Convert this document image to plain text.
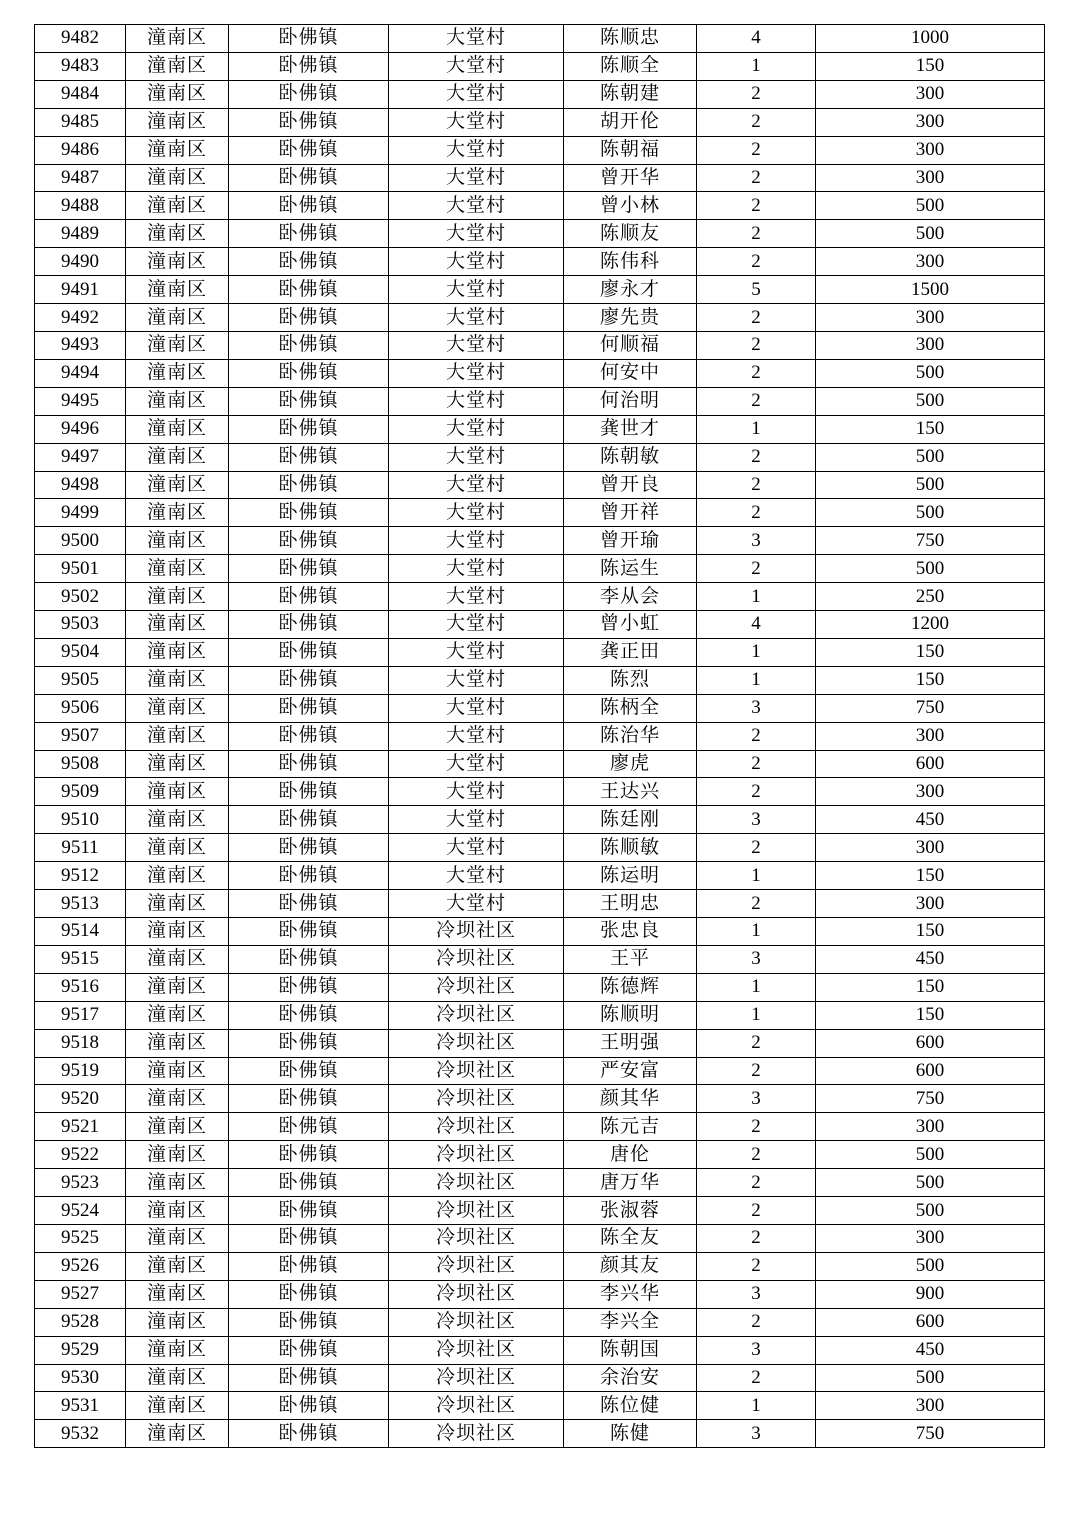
9482	潼南区	卧佛镇	大堂村	陈顺忠	4	1000
9483	潼南区	卧佛镇	大堂村	陈顺全	1	150
9484	潼南区	卧佛镇	大堂村	陈朝建	2	300
9485	潼南区	卧佛镇	大堂村	胡开伦	2	300
9486	潼南区	卧佛镇	大堂村	陈朝福	2	300
9487	潼南区	卧佛镇	大堂村	曾开华	2	300
9488	潼南区	卧佛镇	大堂村	曾小林	2	500
9489	潼南区	卧佛镇	大堂村	陈顺友	2	500
9490	潼南区	卧佛镇	大堂村	陈伟科	2	300
9491	潼南区	卧佛镇	大堂村	廖永才	5	1500
9492	潼南区	卧佛镇	大堂村	廖先贵	2	300
9493	潼南区	卧佛镇	大堂村	何顺福	2	300
9494	潼南区	卧佛镇	大堂村	何安中	2	500
9495	潼南区	卧佛镇	大堂村	何治明	2	500
9496	潼南区	卧佛镇	大堂村	龚世才	1	150
9497	潼南区	卧佛镇	大堂村	陈朝敏	2	500
9498	潼南区	卧佛镇	大堂村	曾开良	2	500
9499	潼南区	卧佛镇	大堂村	曾开祥	2	500
9500	潼南区	卧佛镇	大堂村	曾开瑜	3	750
9501	潼南区	卧佛镇	大堂村	陈运生	2	500
9502	潼南区	卧佛镇	大堂村	李从会	1	250
9503	潼南区	卧佛镇	大堂村	曾小虹	4	1200
9504	潼南区	卧佛镇	大堂村	龚正田	1	150
9505	潼南区	卧佛镇	大堂村	陈烈	1	150
9506	潼南区	卧佛镇	大堂村	陈柄全	3	750
9507	潼南区	卧佛镇	大堂村	陈治华	2	300
9508	潼南区	卧佛镇	大堂村	廖虎	2	600
9509	潼南区	卧佛镇	大堂村	王达兴	2	300
9510	潼南区	卧佛镇	大堂村	陈廷刚	3	450
9511	潼南区	卧佛镇	大堂村	陈顺敏	2	300
9512	潼南区	卧佛镇	大堂村	陈运明	1	150
9513	潼南区	卧佛镇	大堂村	王明忠	2	300
9514	潼南区	卧佛镇	冷坝社区	张忠良	1	150
9515	潼南区	卧佛镇	冷坝社区	王平	3	450
9516	潼南区	卧佛镇	冷坝社区	陈德辉	1	150
9517	潼南区	卧佛镇	冷坝社区	陈顺明	1	150
9518	潼南区	卧佛镇	冷坝社区	王明强	2	600
9519	潼南区	卧佛镇	冷坝社区	严安富	2	600
9520	潼南区	卧佛镇	冷坝社区	颜其华	3	750
9521	潼南区	卧佛镇	冷坝社区	陈元吉	2	300
9522	潼南区	卧佛镇	冷坝社区	唐伦	2	500
9523	潼南区	卧佛镇	冷坝社区	唐万华	2	500
9524	潼南区	卧佛镇	冷坝社区	张淑蓉	2	500
9525	潼南区	卧佛镇	冷坝社区	陈全友	2	300
9526	潼南区	卧佛镇	冷坝社区	颜其友	2	500
9527	潼南区	卧佛镇	冷坝社区	李兴华	3	900
9528	潼南区	卧佛镇	冷坝社区	李兴全	2	600
9529	潼南区	卧佛镇	冷坝社区	陈朝国	3	450
9530	潼南区	卧佛镇	冷坝社区	余治安	2	500
9531	潼南区	卧佛镇	冷坝社区	陈位健	1	300
9532	潼南区	卧佛镇	冷坝社区	陈健	3	750
